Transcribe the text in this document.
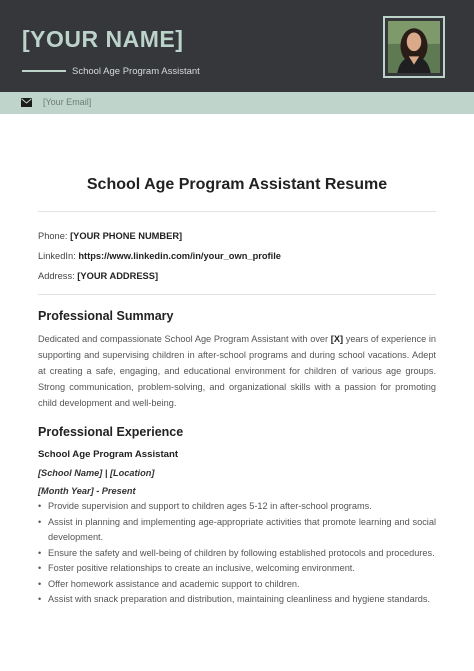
[YOUR NAME]
School Age Program Assistant
[Your Email]
School Age Program Assistant Resume
Phone: [YOUR PHONE NUMBER]
LinkedIn: https://www.linkedin.com/in/your_own_profile
Address: [YOUR ADDRESS]
Professional Summary
Dedicated and compassionate School Age Program Assistant with over [X] years of experience in supporting and supervising children in after-school programs and during school vacations. Adept at creating a safe, engaging, and educational environment for children of various age groups. Strong communication, problem-solving, and organizational skills with a passion for promoting child development and well-being.
Professional Experience
School Age Program Assistant
[School Name] | [Location]
[Month Year] - Present
• Provide supervision and support to children ages 5-12 in after-school programs.
• Assist in planning and implementing age-appropriate activities that promote learning and social development.
• Ensure the safety and well-being of children by following established protocols and procedures.
• Foster positive relationships to create an inclusive, welcoming environment.
• Offer homework assistance and academic support to children.
• Assist with snack preparation and distribution, maintaining cleanliness and hygiene standards.
